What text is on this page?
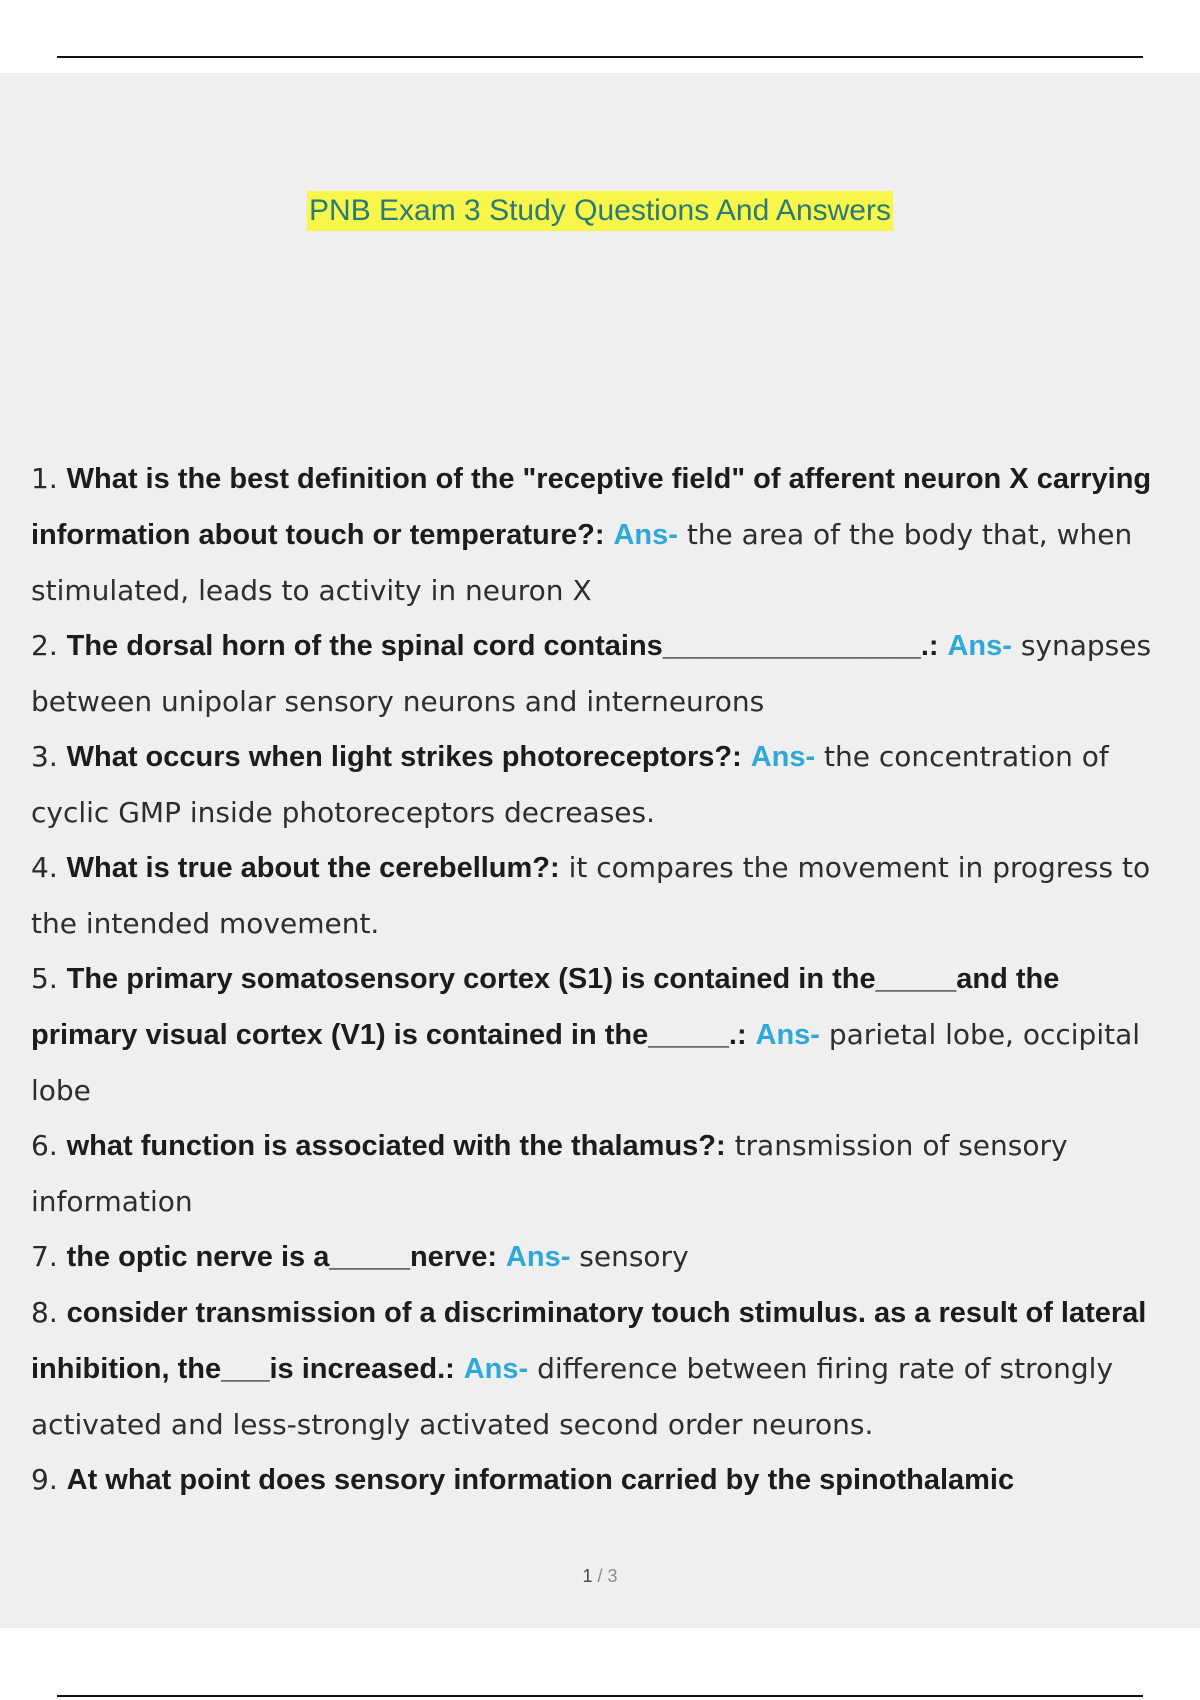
PNB Exam 3 Study Questions And Answers
1. What is the best definition of the "receptive field" of afferent neuron X carrying information about touch or temperature?: Ans- the area of the body that, when stimulated, leads to activity in neuron X
2. The dorsal horn of the spinal cord contains________________.: Ans- synapses between unipolar sensory neurons and interneurons
3. What occurs when light strikes photoreceptors?: Ans- the concentration of cyclic GMP inside photoreceptors decreases.
4. What is true about the cerebellum?: it compares the movement in progress to the intended movement.
5. The primary somatosensory cortex (S1) is contained in the_____and the primary visual cortex (V1) is contained in the_____.: Ans- parietal lobe, occipital lobe
6. what function is associated with the thalamus?: transmission of sensory information
7. the optic nerve is a_____nerve: Ans- sensory
8. consider transmission of a discriminatory touch stimulus. as a result of lateral inhibition, the___is increased.: Ans- difference between firing rate of strongly activated and less-strongly activated second order neurons.
9. At what point does sensory information carried by the spinothalamic
1 / 3
